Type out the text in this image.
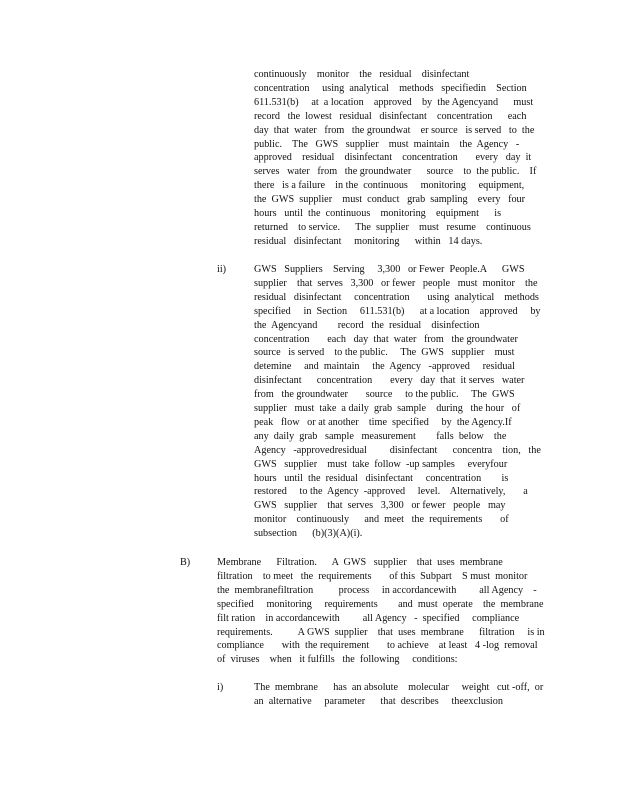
continuously    monitor    the   residual    disinfectant
concentration     using  analytical    methods   specifiedin    Section
611.531(b)     at  a location    approved    by  the Agencyand      must
record   the  lowest   residual   disinfectant    concentration      each
day  that  water   from   the groundwat    er source   is served   to  the
public.    The   GWS   supplier    must  maintain    the  Agency   -
approved    residual    disinfectant    concentration       every   day  it
serves   water   from   the groundwater      source    to  the public.    If
there   is a failure    in the  continuous     monitoring     equipment,
the  GWS  supplier    must  conduct   grab  sampling    every   four
hours   until  the  continuous    monitoring    equipment      is
returned    to service.      The  supplier    must   resume    continuous
residual   disinfectant     monitoring      within   14 days.
ii)	GWS   Suppliers    Serving     3,300   or Fewer  People.A      GWS
supplier    that  serves   3,300   or fewer   people   must  monitor    the
residual   disinfectant     concentration       using  analytical    methods
specified     in  Section     611.531(b)      at a location    approved     by
the  Agencyand        record   the  residual    disinfection
concentration       each   day  that  water   from   the groundwater
source   is served    to the public.     The  GWS   supplier    must
detemine     and  maintain     the  Agency   -approved     residual
disinfectant      concentration       every   day  that  it serves   water
from   the groundwater       source     to the public.     The  GWS
supplier   must  take  a daily  grab  sample    during   the hour   of
peak   flow   or at another    time  specified     by  the Agency.If
any  daily  grab   sample   measurement        falls  below    the
Agency   -approvedresidual         disinfectant      concentra    tion,   the
GWS   supplier    must  take  follow  -up samples     everyfour
hours   until  the  residual   disinfectant     concentration        is
restored     to the  Agency  -approved     level.    Alternatively,       a
GWS   supplier    that  serves   3,300   or fewer   people   may
monitor    continuously      and  meet   the  requirements       of
subsection      (b)(3)(A)(i).
B)	Membrane      Filtration.      A  GWS   supplier    that  uses  membrane
filtration    to meet   the  requirements       of this  Subpart    S must  monitor
the  membranefiltration          process     in accordancewith         all Agency    -
specified     monitoring     requirements        and  must  operate    the  membrane
filt ration    in accordancewith         all Agency   -  specified     compliance
requirements.          A GWS  supplier    that  uses  membrane      filtration     is in
compliance       with  the requirement       to achieve    at least   4 -log  removal
of  viruses    when   it fulfills   the  following     conditions:
i)	The  membrane      has  an absolute    molecular     weight   cut -off,  or
an  alternative     parameter      that  describes     theexclusion
